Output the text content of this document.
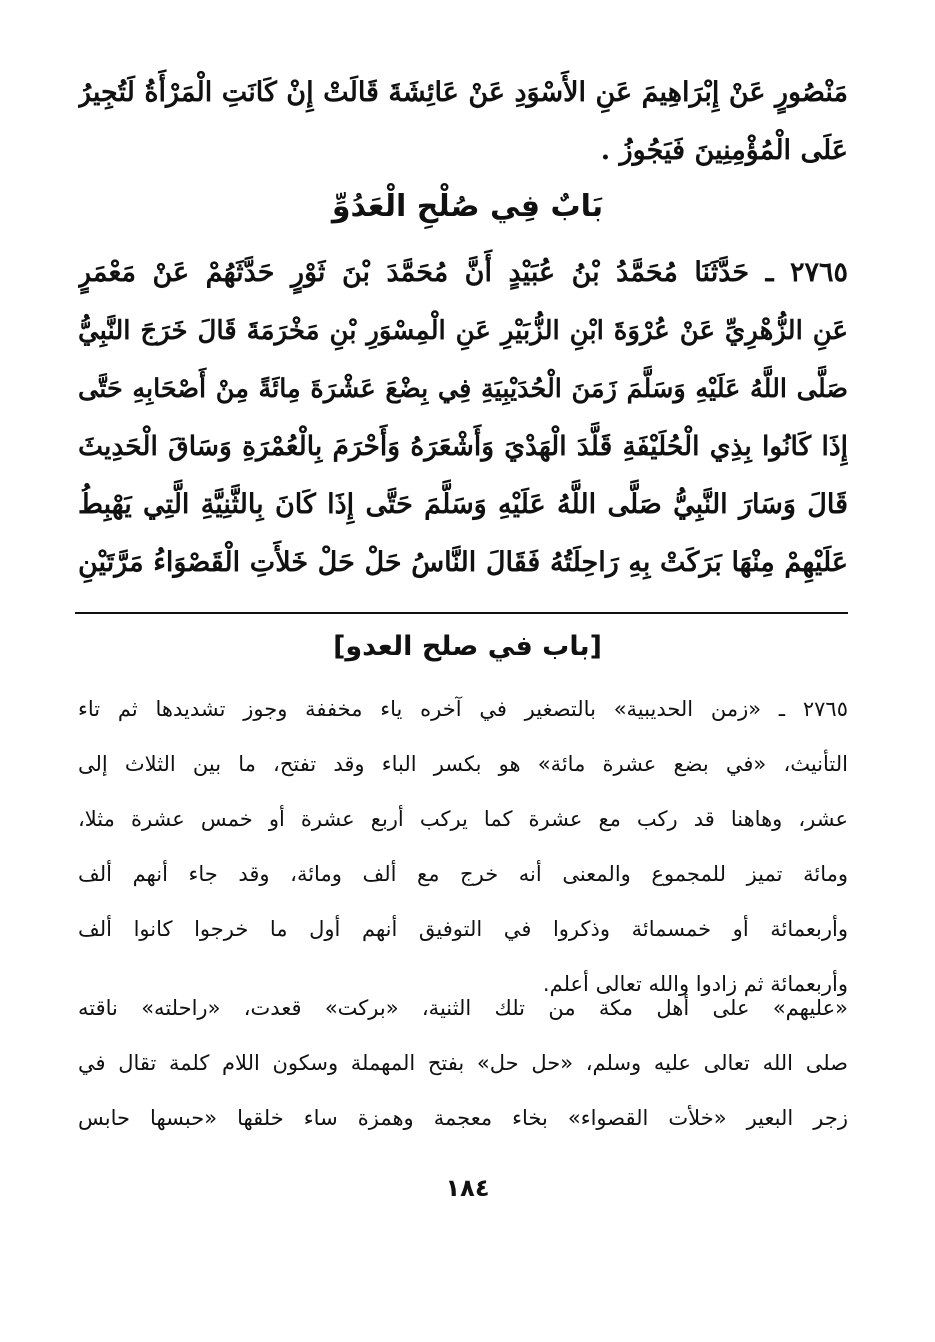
مَنْصُورٍ عَنْ إِبْرَاهِيمَ عَنِ الأَسْوَدِ عَنْ عَائِشَةَ قَالَتْ إِنْ كَانَتِ الْمَرْأَةُ لَتُجِيرُ
عَلَى الْمُؤْمِنِينَ فَيَجُوزُ .
بَابٌ فِي صُلْحِ الْعَدُوِّ
٢٧٦٥ ـ حَدَّثَنَا مُحَمَّدُ بْنُ عُبَيْدٍ أَنَّ مُحَمَّدَ بْنَ ثَوْرٍ حَدَّثَهُمْ عَنْ مَعْمَرٍ
عَنِ الزُّهْرِيِّ عَنْ عُرْوَةَ ابْنِ الزُّبَيْرِ عَنِ الْمِسْوَرِ بْنِ مَخْرَمَةَ قَالَ خَرَجَ النَّبِيُّ
صَلَّى اللَّهُ عَلَيْهِ وَسَلَّمَ زَمَنَ الْحُدَيْبِيَةِ فِي بِضْعَ عَشْرَةَ مِائَةً مِنْ أَصْحَابِهِ حَتَّى
إِذَا كَانُوا بِذِي الْحُلَيْفَةِ قَلَّدَ الْهَدْيَ وَأَشْعَرَهُ وَأَحْرَمَ بِالْعُمْرَةِ وَسَاقَ الْحَدِيثَ
قَالَ وَسَارَ النَّبِيُّ صَلَّى اللَّهُ عَلَيْهِ وَسَلَّمَ حَتَّى إِذَا كَانَ بِالثَّنِيَّةِ الَّتِي يَهْبِطُ
عَلَيْهِمْ مِنْهَا بَرَكَتْ بِهِ رَاحِلَتُهُ فَقَالَ النَّاسُ حَلْ حَلْ خَلأَتِ الْقَصْوَاءُ مَرَّتَيْنِ
[باب في صلح العدو]
٢٧٦٥ ـ «زمن الحديبية» بالتصغير في آخره ياء مخففة وجوز تشديدها ثم تاء
التأنيث، «في بضع عشرة مائة» هو بكسر الباء وقد تفتح، ما بين الثلاث إلى
عشر، وهاهنا قد ركب مع عشرة كما يركب أربع عشرة أو خمس عشرة مثلا،
ومائة تميز للمجموع والمعنى أنه خرج مع ألف ومائة، وقد جاء أنهم ألف
وأربعمائة أو خمسمائة وذكروا في التوفيق أنهم أول ما خرجوا كانوا ألف
وأربعمائة ثم زادوا والله تعالى أعلم.
«عليهم» على أهل مكة من تلك الثنية، «بركت» قعدت، «راحلته» ناقته
صلى الله تعالى عليه وسلم، «حل حل» بفتح المهملة وسكون اللام كلمة تقال في
زجر البعير «خلأت القصواء» بخاء معجمة وهمزة ساء خلقها «حبسها حابس
١٨٤
